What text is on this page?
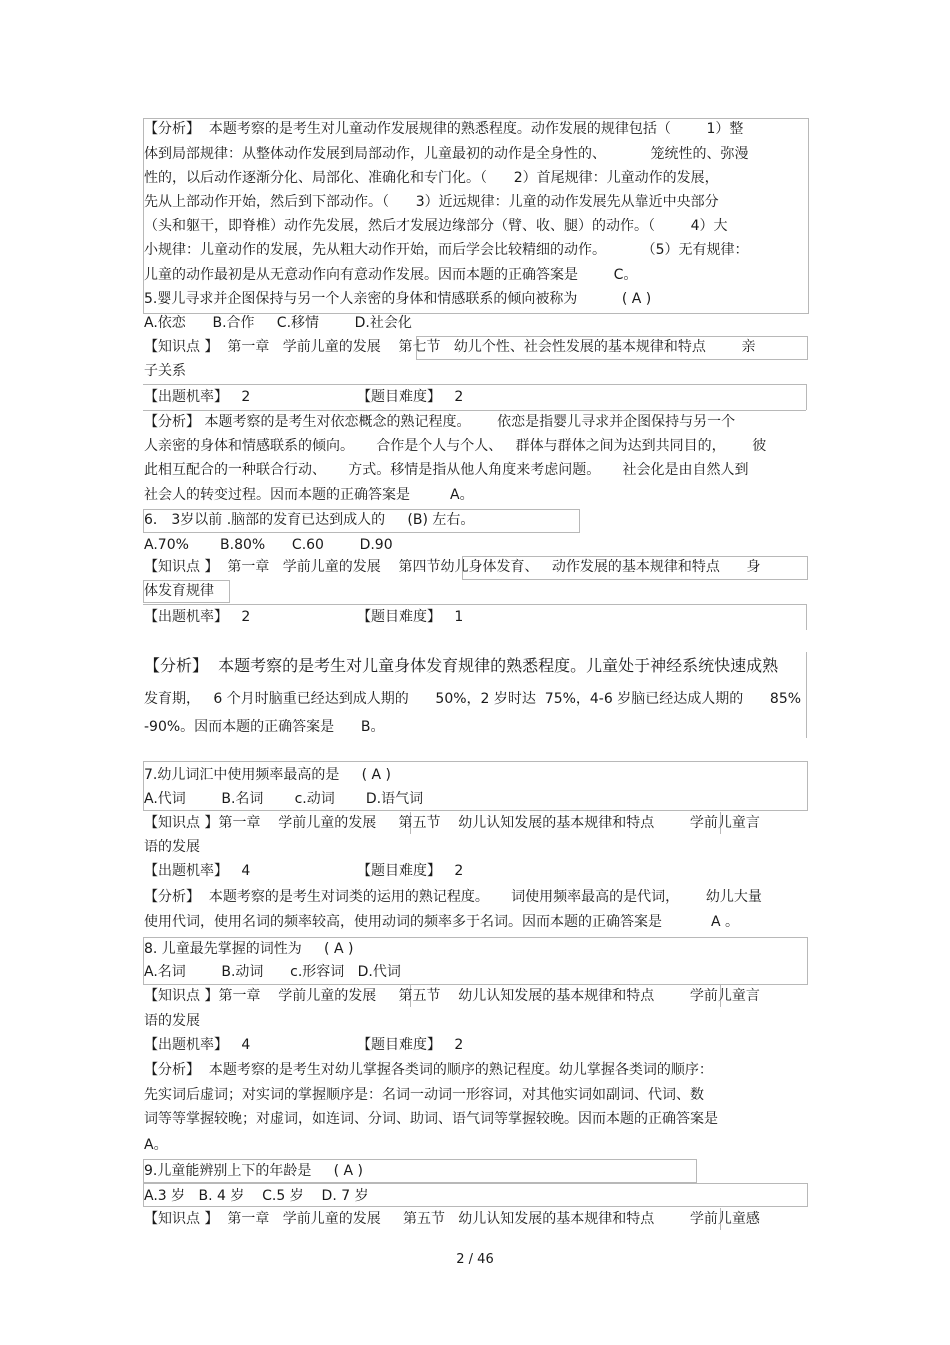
【分析】  本题考察的是考生对儿童动作发展规律的熟悉程度。动作发展的规律包括（        1）整
体到局部规律：从整体动作发展到局部动作，儿童最初的动作是全身性的、          笼统性的、弥漫
性的，以后动作逐渐分化、局部化、准确化和专门化。（      2）首尾规律：儿童动作的发展，
先从上部动作开始，然后到下部动作。（      3）近远规律：儿童的动作发展先从靠近中央部分
（头和躯干，即脊椎）动作先发展，然后才发展边缘部分（臂、收、腿）的动作。（        4）大
小规律：儿童动作的发展，先从粗大动作开始，而后学会比较精细的动作。        （5）无有规律：
儿童的动作最初是从无意动作向有意动作发展。因而本题的正确答案是        C。
5.婴儿寻求并企图保持与另一个人亲密的身体和情感联系的倾向被称为          ( A )
A.依恋      B.合作     C.移情        D.社会化
【知识点 】  第一章   学前儿童的发展    第七节   幼儿个性、社会性发展的基本规律和特点        亲
子关系
【出题机率】   2                        【题目难度】   2
【分析】 本题考察的是考生对依恋概念的熟记程度。      依恋是指婴儿寻求并企图保持与另一个
人亲密的身体和情感联系的倾向。     合作是个人与个人、   群体与群体之间为达到共同目的，      彼
此相互配合的一种联合行动、     方式。移情是指从他人角度来考虑问题。     社会化是由自然人到
社会人的转变过程。因而本题的正确答案是         A。
6． 3岁以前 .脑部的发育已达到成人的     (B) 左右。
A.70%       B.80%      C.60        D.90
【知识点 】  第一章   学前儿童的发展    第四节幼儿身体发育、   动作发展的基本规律和特点      身
体发育规律
【出题机率】   2                        【题目难度】   1
【分析】  本题考察的是考生对儿童身体发育规律的熟悉程度。儿童处于神经系统快速成熟
发育期，   6 个月时脑重已经达到成人期的      50%，2 岁时达  75%，4-6 岁脑已经达成人期的      85%
-90%。因而本题的正确答案是      B。
7.幼儿词汇中使用频率最高的是     ( A )
A.代词        B.名词       c.动词       D.语气词
【知识点 】第一章    学前儿童的发展     第五节    幼儿认知发展的基本规律和特点        学前儿童言
语的发展
【出题机率】   4                        【题目难度】   2
【分析】  本题考察的是考生对词类的运用的熟记程度。     词使用频率最高的是代词，      幼儿大量
使用代词，使用名词的频率较高，使用动词的频率多于名词。因而本题的正确答案是           A 。
8. 儿童最先掌握的词性为     ( A )
A.名词        B.动词      c.形容词   D.代词
【知识点 】第一章    学前儿童的发展     第五节    幼儿认知发展的基本规律和特点        学前儿童言
语的发展
【出题机率】   4                        【题目难度】   2
【分析】  本题考察的是考生对幼儿掌握各类词的顺序的熟记程度。幼儿掌握各类词的顺序：
先实词后虚词；对实词的掌握顺序是：名词一动词一形容词，对其他实词如副词、代词、数
词等等掌握较晚；对虚词，如连词、分词、助词、语气词等掌握较晚。因而本题的正确答案是
A。
9.儿童能辨别上下的年龄是     ( A )
A.3 岁   B. 4 岁    C.5 岁    D. 7 岁
【知识点 】  第一章   学前儿童的发展     第五节   幼儿认知发展的基本规律和特点        学前儿童感
2 / 46
